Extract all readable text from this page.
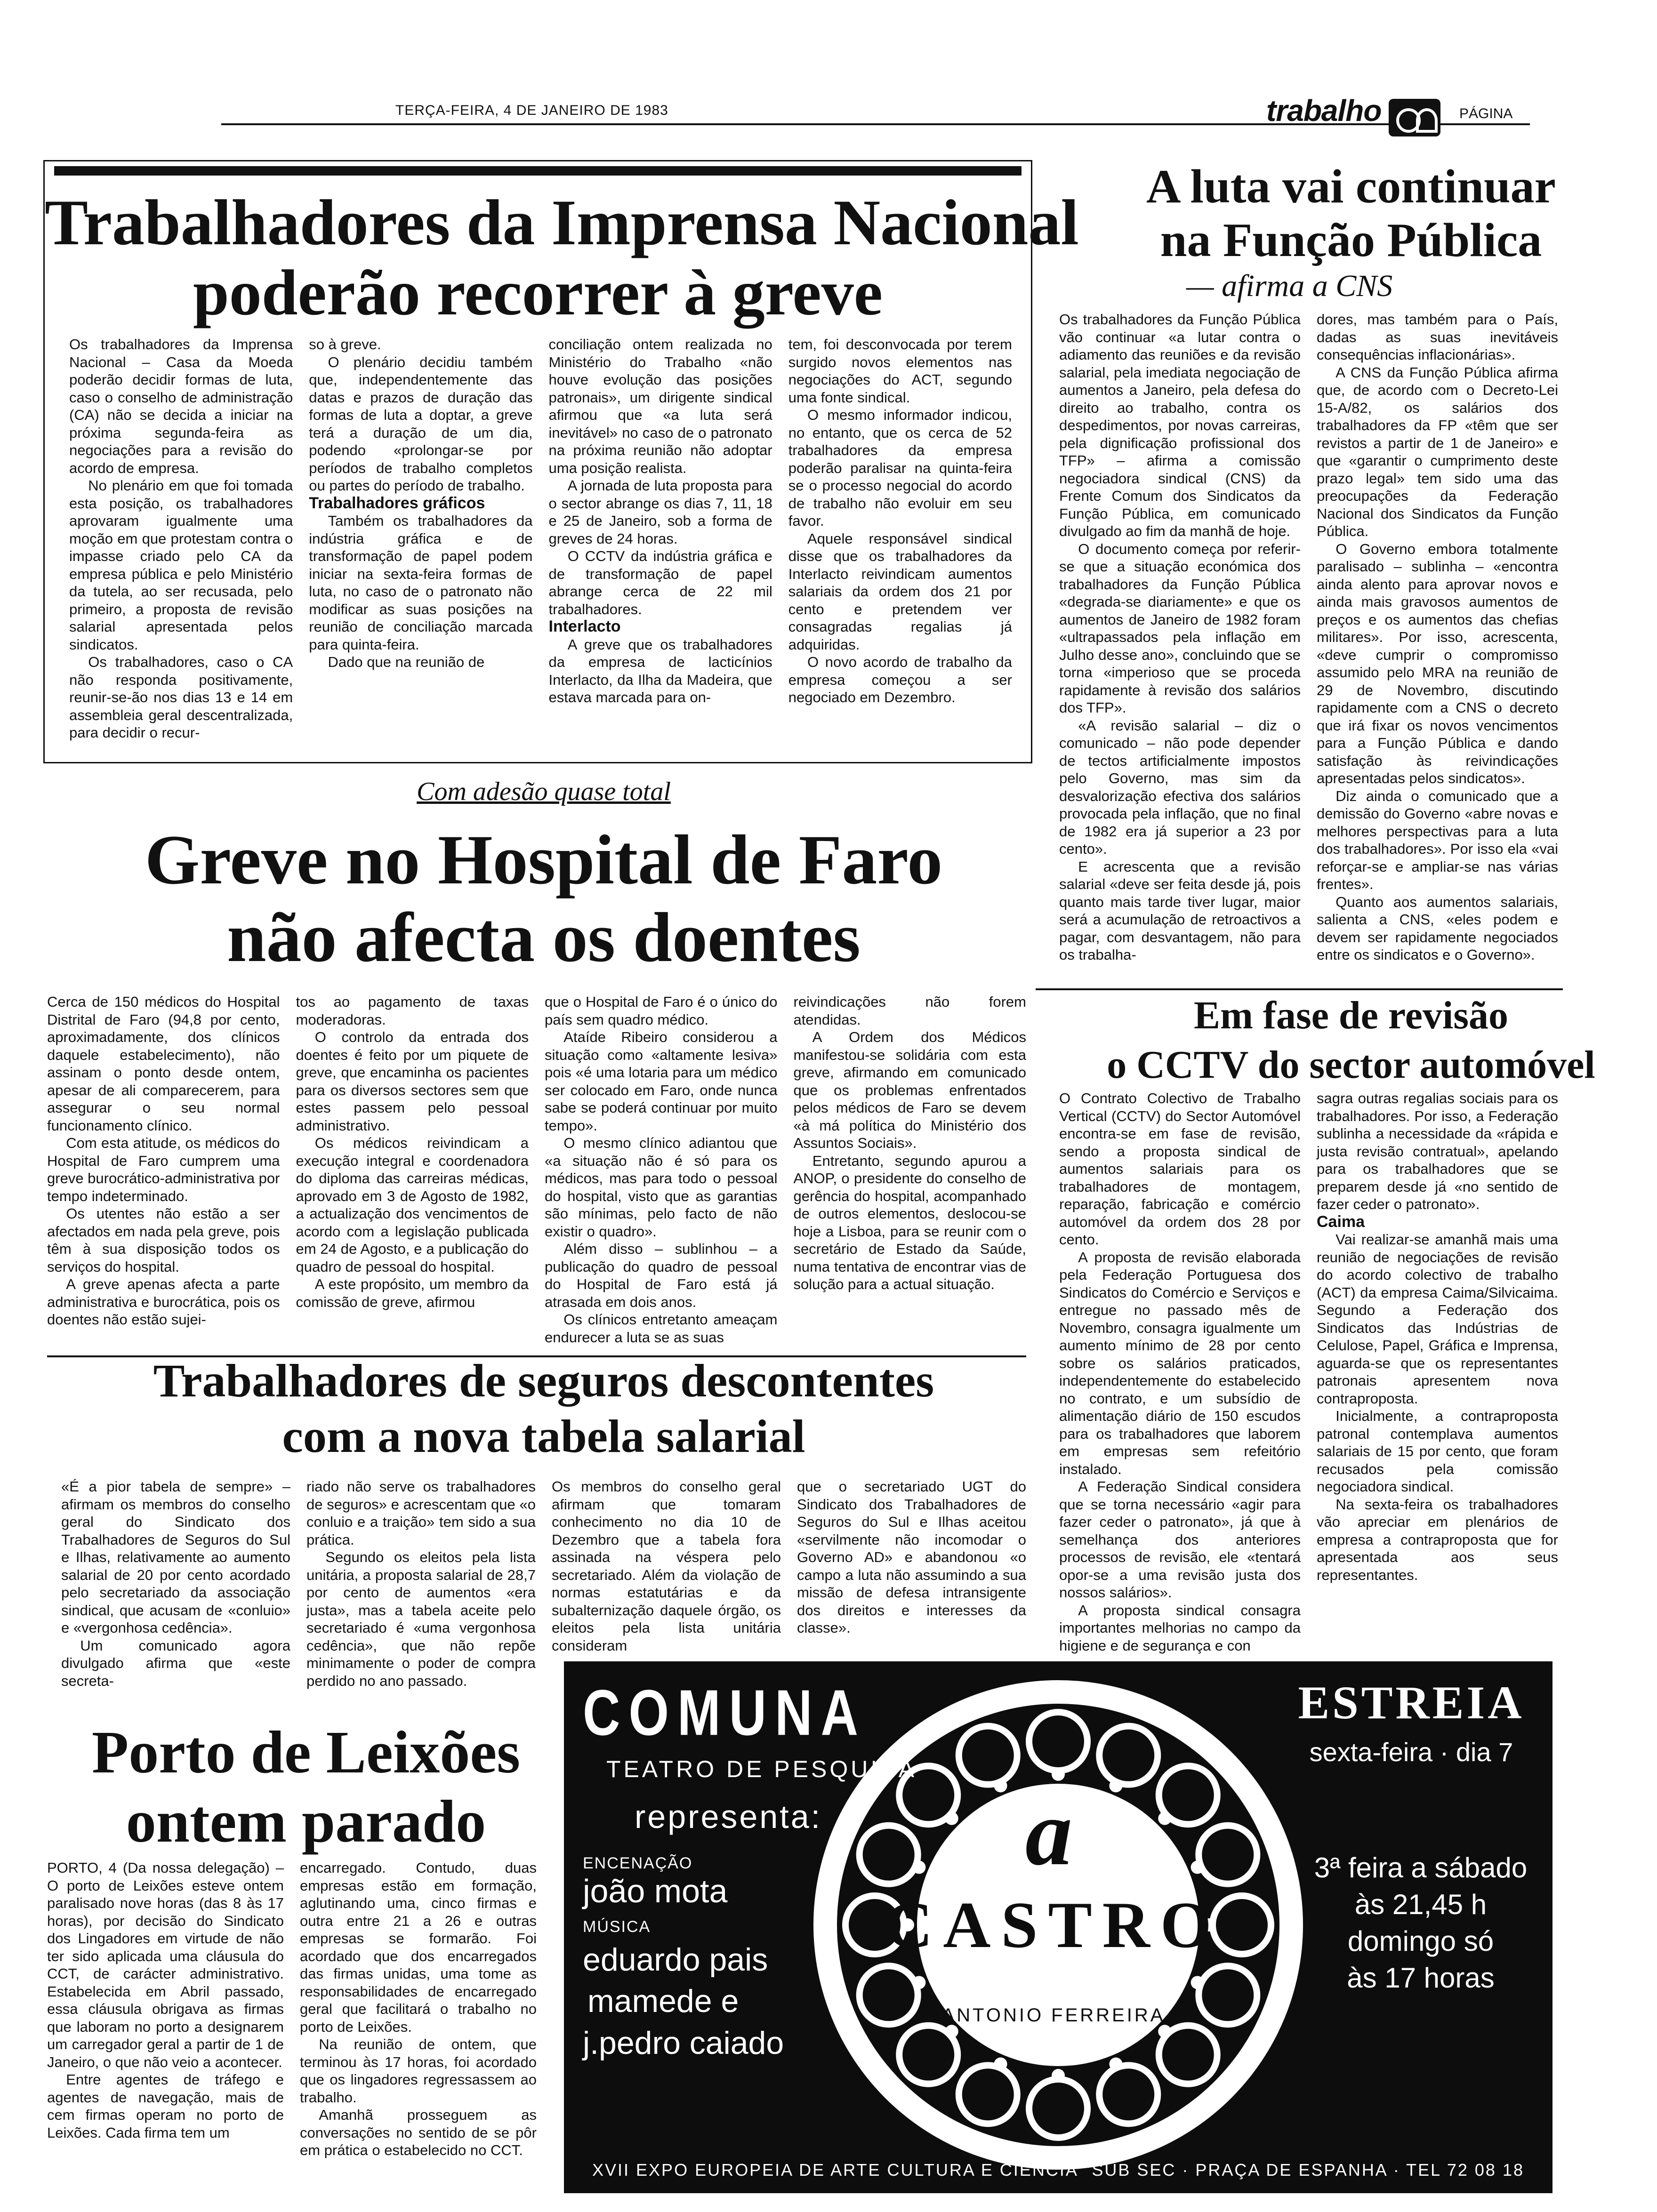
TERÇA-FEIRA, 4 DE JANEIRO DE 1983	trabalho	PÁGINA
Trabalhadores da Imprensa Nacional
poderão recorrer à greve

Os trabalhadores da Imprensa Nacional – Casa da Moeda poderão decidir formas de luta, caso o conselho de administração (CA) não se decida a iniciar na próxima segunda-feira as negociações para a revisão do acordo de empresa.

No plenário em que foi tomada esta posição, os trabalhadores aprovaram igualmente uma moção em que protestam contra o impasse criado pelo CA da empresa pública e pelo Ministério da tutela, ao ser recusada, pelo primeiro, a proposta de revisão salarial apresentada pelos sindicatos.

Os trabalhadores, caso o CA não responda positivamente, reunir-se-ão nos dias 13 e 14 em assembleia geral descentralizada, para decidir o recur-

so à greve.

O plenário decidiu também que, independentemente das datas e prazos de duração das formas de luta a doptar, a greve terá a duração de um dia, podendo «prolongar-se por períodos de trabalho completos ou partes do período de trabalho.

Trabalhadores gráficos

Também os trabalhadores da indústria gráfica e de transformação de papel podem iniciar na sexta-feira formas de luta, no caso de o patronato não modificar as suas posições na reunião de conciliação marcada para quinta-feira.

Dado que na reunião de

conciliação ontem realizada no Ministério do Trabalho «não houve evolução das posições patronais», um dirigente sindical afirmou que «a luta será inevitável» no caso de o patronato na próxima reunião não adoptar uma posição realista.

A jornada de luta proposta para o sector abrange os dias 7, 11, 18 e 25 de Janeiro, sob a forma de greves de 24 horas.

O CCTV da indústria gráfica e de transformação de papel abrange cerca de 22 mil trabalhadores.

Interlacto

A greve que os trabalhadores da empresa de lacticínios Interlacto, da Ilha da Madeira, que estava marcada para on-

tem, foi desconvocada por terem surgido novos elementos nas negociações do ACT, segundo uma fonte sindical.

O mesmo informador indicou, no entanto, que os cerca de 52 trabalhadores da empresa poderão paralisar na quinta-feira se o processo negocial do acordo de trabalho não evoluir em seu favor.

Aquele responsável sindical disse que os trabalhadores da Interlacto reivindicam aumentos salariais da ordem dos 21 por cento e pretendem ver consagradas regalias já adquiridas.

O novo acordo de trabalho da empresa começou a ser negociado em Dezembro.

Com adesão quase total
Greve no Hospital de Faro
não afecta os doentes

Cerca de 150 médicos do Hospital Distrital de Faro (94,8 por cento, aproximadamente, dos clínicos daquele estabelecimento), não assinam o ponto desde ontem, apesar de ali comparecerem, para assegurar o seu normal funcionamento clínico.

Com esta atitude, os médicos do Hospital de Faro cumprem uma greve burocrático-administrativa por tempo indeterminado.

Os utentes não estão a ser afectados em nada pela greve, pois têm à sua disposição todos os serviços do hospital.

A greve apenas afecta a parte administrativa e burocrática, pois os doentes não estão sujei-

tos ao pagamento de taxas moderadoras.

O controlo da entrada dos doentes é feito por um piquete de greve, que encaminha os pacientes para os diversos sectores sem que estes passem pelo pessoal administrativo.

Os médicos reivindicam a execução integral e coordenadora do diploma das carreiras médicas, aprovado em 3 de Agosto de 1982, a actualização dos vencimentos de acordo com a legislação publicada em 24 de Agosto, e a publicação do quadro de pessoal do hospital.

A este propósito, um membro da comissão de greve, afirmou

que o Hospital de Faro é o único do país sem quadro médico.

Ataíde Ribeiro considerou a situação como «altamente lesiva» pois «é uma lotaria para um médico ser colocado em Faro, onde nunca sabe se poderá continuar por muito tempo».

O mesmo clínico adiantou que «a situação não é só para os médicos, mas para todo o pessoal do hospital, visto que as garantias são mínimas, pelo facto de não existir o quadro».

Além disso – sublinhou – a publicação do quadro de pessoal do Hospital de Faro está já atrasada em dois anos.

Os clínicos entretanto ameaçam endurecer a luta se as suas

reivindicações não forem atendidas.

A Ordem dos Médicos manifestou-se solidária com esta greve, afirmando em comunicado que os problemas enfrentados pelos médicos de Faro se devem «à má política do Ministério dos Assuntos Sociais».

Entretanto, segundo apurou a ANOP, o presidente do conselho de gerência do hospital, acompanhado de outros elementos, deslocou-se hoje a Lisboa, para se reunir com o secretário de Estado da Saúde, numa tentativa de encontrar vias de solução para a actual situação.

Trabalhadores de seguros descontentes
com a nova tabela salarial

«É a pior tabela de sempre» – afirmam os membros do conselho geral do Sindicato dos Trabalhadores de Seguros do Sul e Ilhas, relativamente ao aumento salarial de 20 por cento acordado pelo secretariado da associação sindical, que acusam de «conluio» e «vergonhosa cedência».

Um comunicado agora divulgado afirma que «este secreta-

riado não serve os trabalhadores de seguros» e acrescentam que «o conluio e a traição» tem sido a sua prática.

Segundo os eleitos pela lista unitária, a proposta salarial de 28,7 por cento de aumentos «era justa», mas a tabela aceite pelo secretariado é «uma vergonhosa cedência», que não repõe minimamente o poder de compra perdido no ano passado.

Os membros do conselho geral afirmam que tomaram conhecimento no dia 10 de Dezembro que a tabela fora assinada na véspera pelo secretariado. Além da violação de normas estatutárias e da subalternização daquele órgão, os eleitos pela lista unitária consideram

que o secretariado UGT do Sindicato dos Trabalhadores de Seguros do Sul e Ilhas aceitou «servilmente não incomodar o Governo AD» e abandonou «o campo a luta não assumindo a sua missão de defesa intransigente dos direitos e interesses da classe».

A luta vai continuar
na Função Pública
— afirma a CNS

Os trabalhadores da Função Pública vão continuar «a lutar contra o adiamento das reuniões e da revisão salarial, pela imediata negociação de aumentos a Janeiro, pela defesa do direito ao trabalho, contra os despedimentos, por novas carreiras, pela dignificação profissional dos TFP» – afirma a comissão negociadora sindical (CNS) da Frente Comum dos Sindicatos da Função Pública, em comunicado divulgado ao fim da manhã de hoje.

O documento começa por referir-se que a situação económica dos trabalhadores da Função Pública «degrada-se diariamente» e que os aumentos de Janeiro de 1982 foram «ultrapassados pela inflação em Julho desse ano», concluindo que se torna «imperioso que se proceda rapidamente à revisão dos salários dos TFP».

«A revisão salarial – diz o comunicado – não pode depender de tectos artificialmente impostos pelo Governo, mas sim da desvalorização efectiva dos salários provocada pela inflação, que no final de 1982 era já superior a 23 por cento».

E acrescenta que a revisão salarial «deve ser feita desde já, pois quanto mais tarde tiver lugar, maior será a acumulação de retroactivos a pagar, com desvantagem, não para os trabalha-

dores, mas também para o País, dadas as suas inevitáveis consequências inflacionárias».

A CNS da Função Pública afirma que, de acordo com o Decreto-Lei 15-A/82, os salários dos trabalhadores da FP «têm que ser revistos a partir de 1 de Janeiro» e que «garantir o cumprimento deste prazo legal» tem sido uma das preocupações da Federação Nacional dos Sindicatos da Função Pública.

O Governo embora totalmente paralisado – sublinha – «encontra ainda alento para aprovar novos e ainda mais gravosos aumentos de preços e os aumentos das chefias militares». Por isso, acrescenta, «deve cumprir o compromisso assumido pelo MRA na reunião de 29 de Novembro, discutindo rapidamente com a CNS o decreto que irá fixar os novos vencimentos para a Função Pública e dando satisfação às reivindicações apresentadas pelos sindicatos».

Diz ainda o comunicado que a demissão do Governo «abre novas e melhores perspectivas para a luta dos trabalhadores». Por isso ela «vai reforçar-se e ampliar-se nas várias frentes».

Quanto aos aumentos salariais, salienta a CNS, «eles podem e devem ser rapidamente negociados entre os sindicatos e o Governo».

Em fase de revisão
o CCTV do sector automóvel

O Contrato Colectivo de Trabalho Vertical (CCTV) do Sector Automóvel encontra-se em fase de revisão, sendo a proposta sindical de aumentos salariais para os trabalhadores de montagem, reparação, fabricação e comércio automóvel da ordem dos 28 por cento.

A proposta de revisão elaborada pela Federação Portuguesa dos Sindicatos do Comércio e Serviços e entregue no passado mês de Novembro, consagra igualmente um aumento mínimo de 28 por cento sobre os salários praticados, independentemente do estabelecido no contrato, e um subsídio de alimentação diário de 150 escudos para os trabalhadores que laborem em empresas sem refeitório instalado.

A Federação Sindical considera que se torna necessário «agir para fazer ceder o patronato», já que à semelhança dos anteriores processos de revisão, ele «tentará opor-se a uma revisão justa dos nossos salários».

A proposta sindical consagra importantes melhorias no campo da higiene e de segurança e con

sagra outras regalias sociais para os trabalhadores. Por isso, a Federação sublinha a necessidade da «rápida e justa revisão contratual», apelando para os trabalhadores que se preparem desde já «no sentido de fazer ceder o patronato».

Caima

Vai realizar-se amanhã mais uma reunião de negociações de revisão do acordo colectivo de trabalho (ACT) da empresa Caima/Silvicaima. Segundo a Federação dos Sindicatos das Indústrias de Celulose, Papel, Gráfica e Imprensa, aguarda-se que os representantes patronais apresentem nova contraproposta.

Inicialmente, a contraproposta patronal contemplava aumentos salariais de 15 por cento, que foram recusados pela comissão negociadora sindical.

Na sexta-feira os trabalhadores vão apreciar em plenários de empresa a contraproposta que for apresentada aos seus representantes.

Porto de Leixões
ontem parado

PORTO, 4 (Da nossa delegação) – O porto de Leixões esteve ontem paralisado nove horas (das 8 às 17 horas), por decisão do Sindicato dos Lingadores em virtude de não ter sido aplicada uma cláusula do CCT, de carácter administrativo. Estabelecida em Abril passado, essa cláusula obrigava as firmas que laboram no porto a designarem um carregador geral a partir de 1 de Janeiro, o que não veio a acontecer.

Entre agentes de tráfego e agentes de navegação, mais de cem firmas operam no porto de Leixões. Cada firma tem um

encarregado. Contudo, duas empresas estão em formação, aglutinando uma, cinco firmas e outra entre 21 a 26 e outras empresas se formarão. Foi acordado que dos encarregados das firmas unidas, uma tome as responsabilidades de encarregado geral que facilitará o trabalho no porto de Leixões.

Na reunião de ontem, que terminou às 17 horas, foi acordado que os lingadores regressassem ao trabalho.

Amanhã prosseguem as conversações no sentido de se pôr em prática o estabelecido no CCT.

COMUNA
TEATRO DE PESQUISA
representa:
ENCENAÇÃO
joão mota
MÚSICA
eduardo pais
mamede e
j.pedro caiado
a
CASTRO
ANTONIO FERREIRA
ESTREIA
sexta-feira · dia 7
3ª feira a sábado
às 21,45 h
domingo só
às 17 horas
XVII EXPO EUROPEIA DE ARTE CULTURA E CIÊNCIA SUB SEC · PRAÇA DE ESPANHA · TEL 72 08 18
